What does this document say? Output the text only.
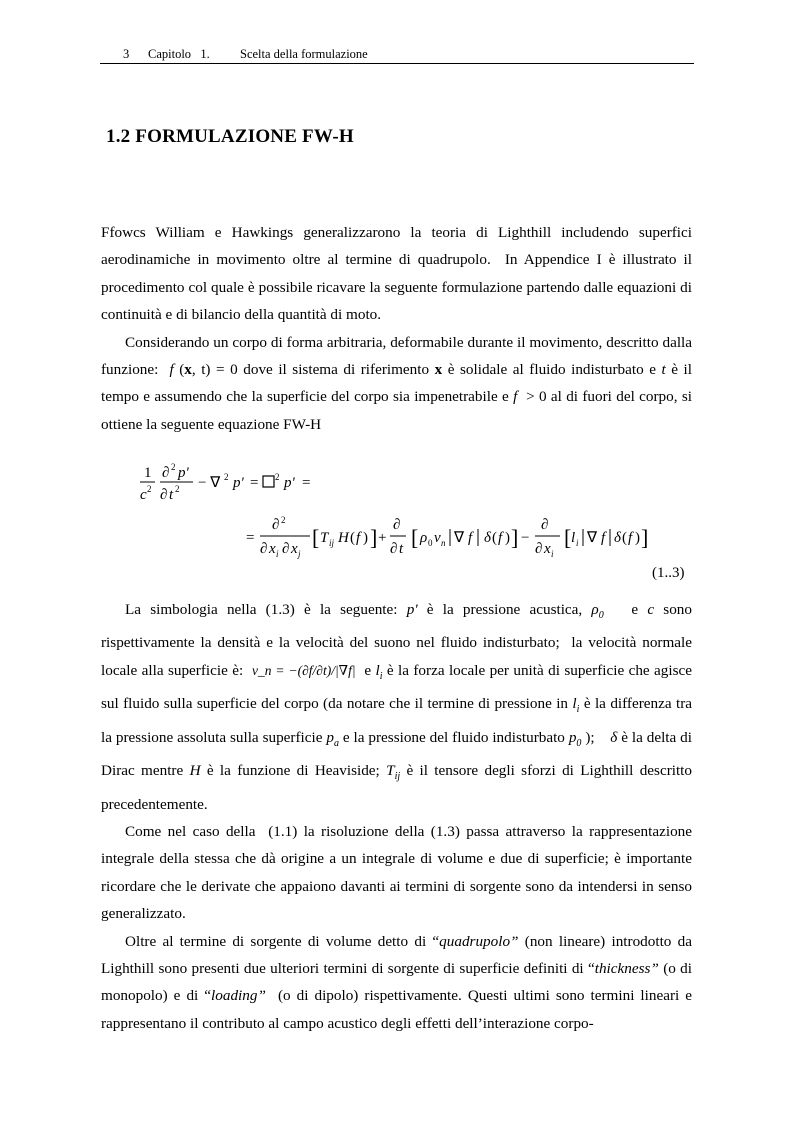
3 Capitolo   1. Scelta della formulazione
1.2 FORMULAZIONE FW-H

Ffowcs William e Hawkings generalizzarono la teoria di Lighthill includendo superfici aerodinamiche in movimento oltre al termine di quadrupolo.  In Appendice I è illustrato il procedimento col quale è possibile ricavare la seguente formulazione partendo dalle equazioni di continuità e di bilancio della quantità di moto.

Considerando un corpo di forma arbitraria, deformabile durante il movimento, descritto dalla funzione:  f (x, t) = 0 dove il sistema di riferimento x è solidale al fluido indisturbato e t è il tempo e assumendo che la superficie del corpo sia impenetrabile e f  > 0 al di fuori del corpo, si ottiene la seguente equazione FW-H

1
c 2
∂ 2 p'
∂ t 2 − ∇ 2 p' = 2 p' =
=
∂ 2
∂ x i ∂ x j
[ T ij H ( f ) ] +
∂
∂ t [ ρ 0 v n ∇ f δ ( f ) ] −
∂
∂ x i
[ l i ∇ f δ ( f ) ]
(1..3)

La simbologia nella (1.3) è la seguente: p' è la pressione acustica, $\rho_0$   e c sono rispettivamente la densità e la velocità del suono nel fluido indisturbato;  la velocità normale locale alla superficie è:  v_n = −(∂f/∂t)/|∇f|  e $l_i$ è la forza locale per unità di superficie che agisce sul fluido sulla superficie del corpo (da notare che il termine di pressione in $l_i$ è la differenza tra la pressione assoluta sulla superficie $p_a$ e la pressione del fluido indisturbato $p_0$ );    δ è la delta di Dirac mentre H è la funzione di Heaviside; $T_{ij}$ è il tensore degli sforzi di Lighthill descritto precedentemente.

Come nel caso della  (1.1) la risoluzione della (1.3) passa attraverso la rappresentazione integrale della stessa che dà origine a un integrale di volume e due di superficie; è importante ricordare che le derivate che appaiono davanti ai termini di sorgente sono da intendersi in senso generalizzato.

Oltre al termine di sorgente di volume detto di “quadrupolo” (non lineare) introdotto da Lighthill sono presenti due ulteriori termini di sorgente di superficie definiti di “thickness” (o di monopolo) e di “loading”  (o di dipolo) rispettivamente. Questi ultimi sono termini lineari e rappresentano il contributo al campo acustico degli effetti dell’interazione corpo-
